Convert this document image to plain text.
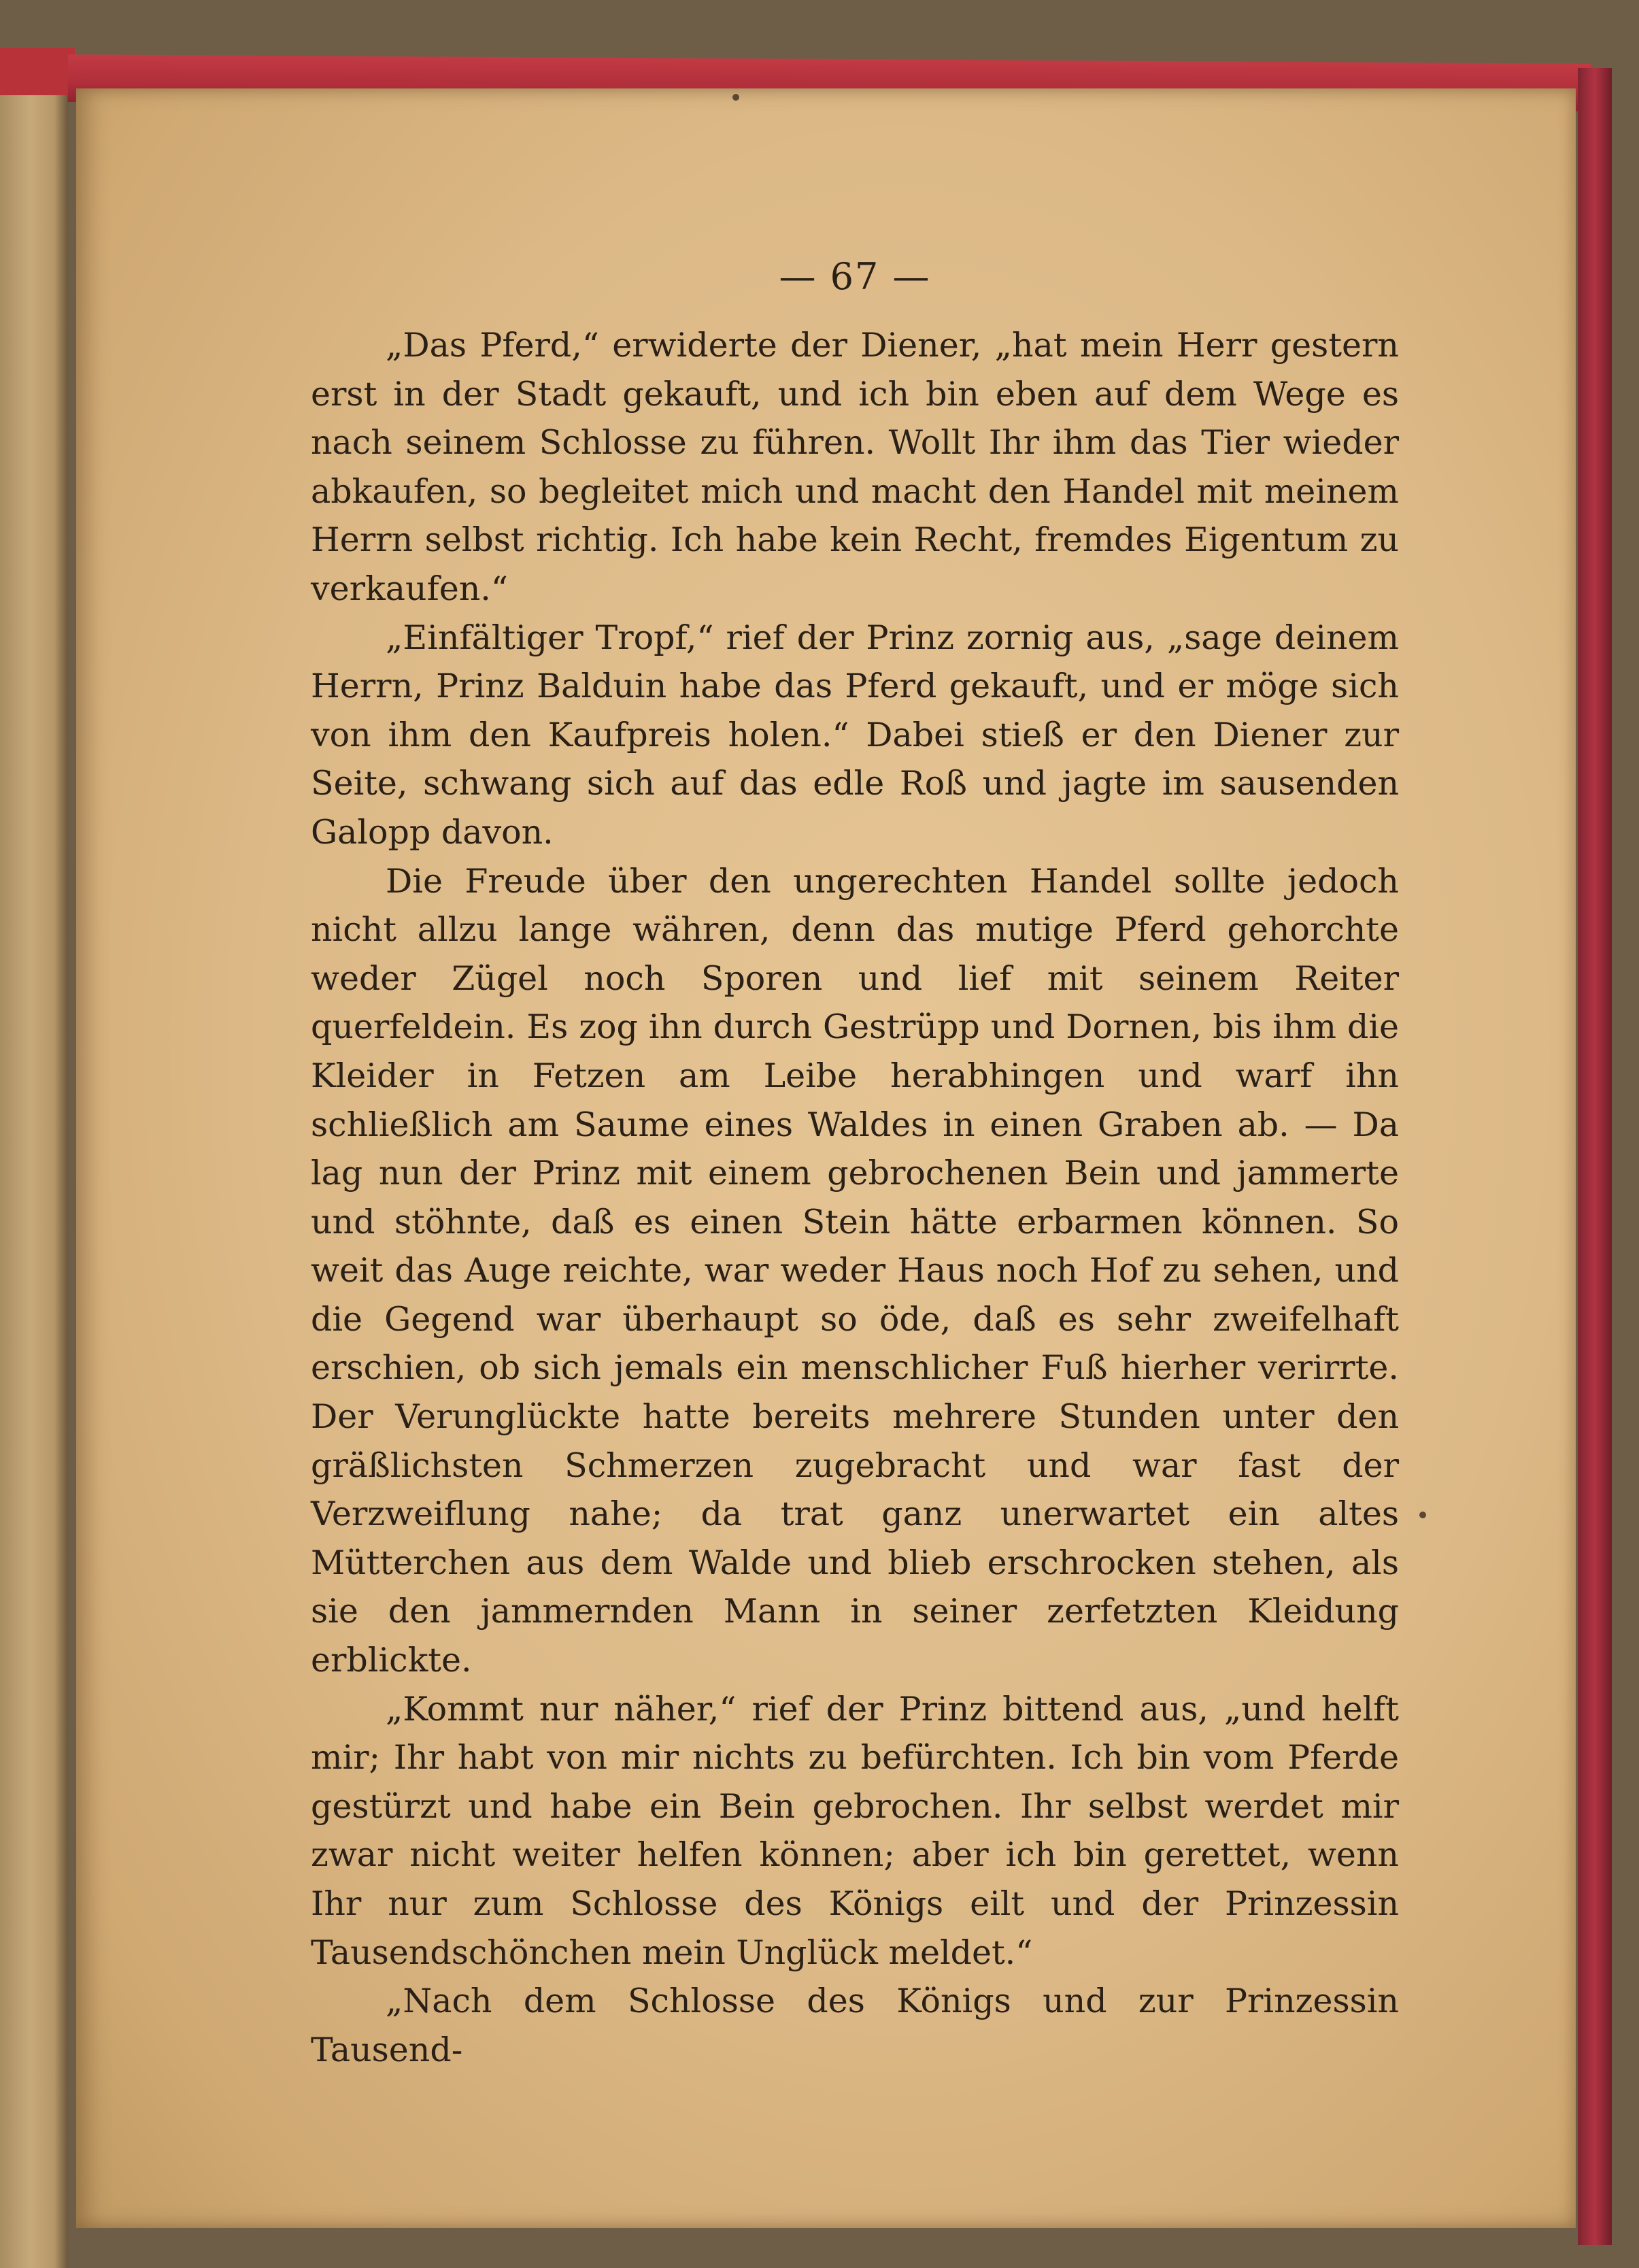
— 67 —

„Das Pferd,“ erwiderte der Diener, „hat mein Herr gestern erst in der Stadt gekauft, und ich bin eben auf dem Wege es nach seinem Schlosse zu führen. Wollt Ihr ihm das Tier wieder abkaufen, so begleitet mich und macht den Handel mit meinem Herrn selbst richtig. Ich habe kein Recht, fremdes Eigentum zu verkaufen.“

„Einfältiger Tropf,“ rief der Prinz zornig aus, „sage deinem Herrn, Prinz Balduin habe das Pferd gekauft, und er möge sich von ihm den Kaufpreis holen.“ Dabei stieß er den Diener zur Seite, schwang sich auf das edle Roß und jagte im sausenden Galopp davon.

Die Freude über den ungerechten Handel sollte jedoch nicht allzu lange währen, denn das mutige Pferd gehorchte weder Zügel noch Sporen und lief mit seinem Reiter querfeldein. Es zog ihn durch Gestrüpp und Dornen, bis ihm die Kleider in Fetzen am Leibe herabhingen und warf ihn schließlich am Saume eines Waldes in einen Graben ab. — Da lag nun der Prinz mit einem gebrochenen Bein und jammerte und stöhnte, daß es einen Stein hätte erbarmen können. So weit das Auge reichte, war weder Haus noch Hof zu sehen, und die Gegend war überhaupt so öde, daß es sehr zweifelhaft erschien, ob sich jemals ein menschlicher Fuß hierher verirrte. Der Verunglückte hatte bereits mehrere Stunden unter den gräßlichsten Schmerzen zugebracht und war fast der Verzweiflung nahe; da trat ganz unerwartet ein altes Mütterchen aus dem Walde und blieb erschrocken stehen, als sie den jammernden Mann in seiner zerfetzten Kleidung erblickte.

„Kommt nur näher,“ rief der Prinz bittend aus, „und helft mir; Ihr habt von mir nichts zu befürchten. Ich bin vom Pferde gestürzt und habe ein Bein gebrochen. Ihr selbst werdet mir zwar nicht weiter helfen können; aber ich bin gerettet, wenn Ihr nur zum Schlosse des Königs eilt und der Prinzessin Tausendschönchen mein Unglück meldet.“

„Nach dem Schlosse des Königs und zur Prinzessin Tausend-
